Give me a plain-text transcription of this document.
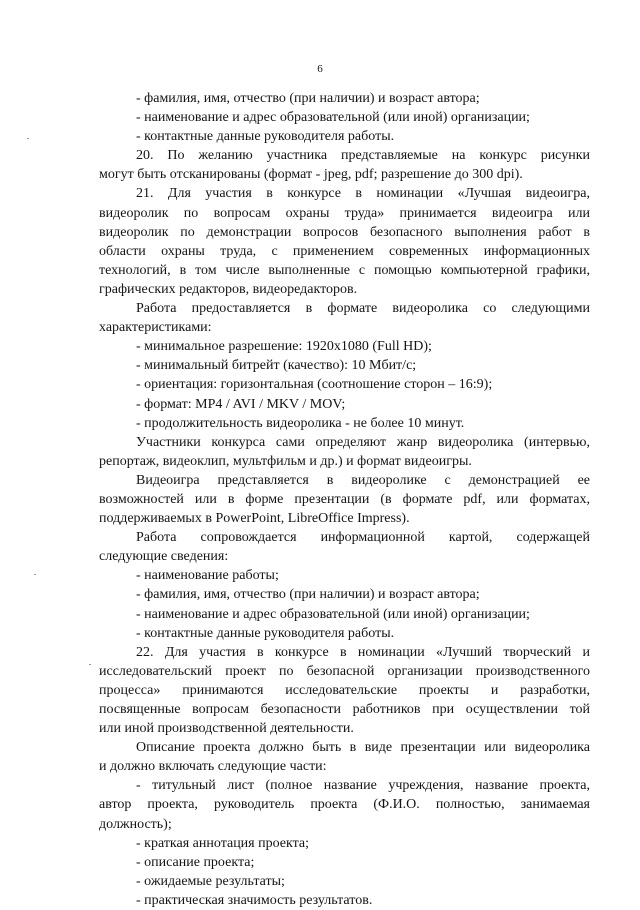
6

- фамилия, имя, отчество (при наличии) и возраст автора;

- наименование и адрес образовательной (или иной) организации;

- контактные данные руководителя работы.

20. По желанию участника представляемые на конкурс рисунки

могут быть отсканированы (формат - jpeg, pdf; разрешение до 300 dpi).

21. Для участия в конкурсе в номинации «Лучшая видеоигра,

видеоролик по вопросам охраны труда» принимается видеоигра или

видеоролик по демонстрации вопросов безопасного выполнения работ в

области охраны труда, с применением современных информационных

технологий, в том числе выполненные с помощью компьютерной графики,

графических редакторов, видеоредакторов.

Работа предоставляется в формате видеоролика со следующими

характеристиками:

- минимальное разрешение: 1920x1080 (Full HD);

- минимальный битрейт (качество): 10 Мбит/с;

- ориентация: горизонтальная (соотношение сторон – 16:9);

- формат: MP4 / AVI / MKV / MOV;

- продолжительность видеоролика - не более 10 минут.

Участники конкурса сами определяют жанр видеоролика (интервью,

репортаж, видеоклип, мультфильм и др.) и формат видеоигры.

Видеоигра представляется в видеоролике с демонстрацией ее

возможностей или в форме презентации (в формате pdf, или форматах,

поддерживаемых в PowerPoint, LibreOffice Impress).

Работа сопровождается информационной картой, содержащей

следующие сведения:

- наименование работы;

- фамилия, имя, отчество (при наличии) и возраст автора;

- наименование и адрес образовательной (или иной) организации;

- контактные данные руководителя работы.

22. Для участия в конкурсе в номинации «Лучший творческий и

исследовательский проект по безопасной организации производственного

процесса» принимаются исследовательские проекты и разработки,

посвященные вопросам безопасности работников при осуществлении той

или иной производственной деятельности.

Описание проекта должно быть в виде презентации или видеоролика

и должно включать следующие части:

- титульный лист (полное название учреждения, название проекта,

автор проекта, руководитель проекта (Ф.И.О. полностью, занимаемая

должность);

- краткая аннотация проекта;

- описание проекта;

- ожидаемые результаты;

- практическая значимость результатов.
